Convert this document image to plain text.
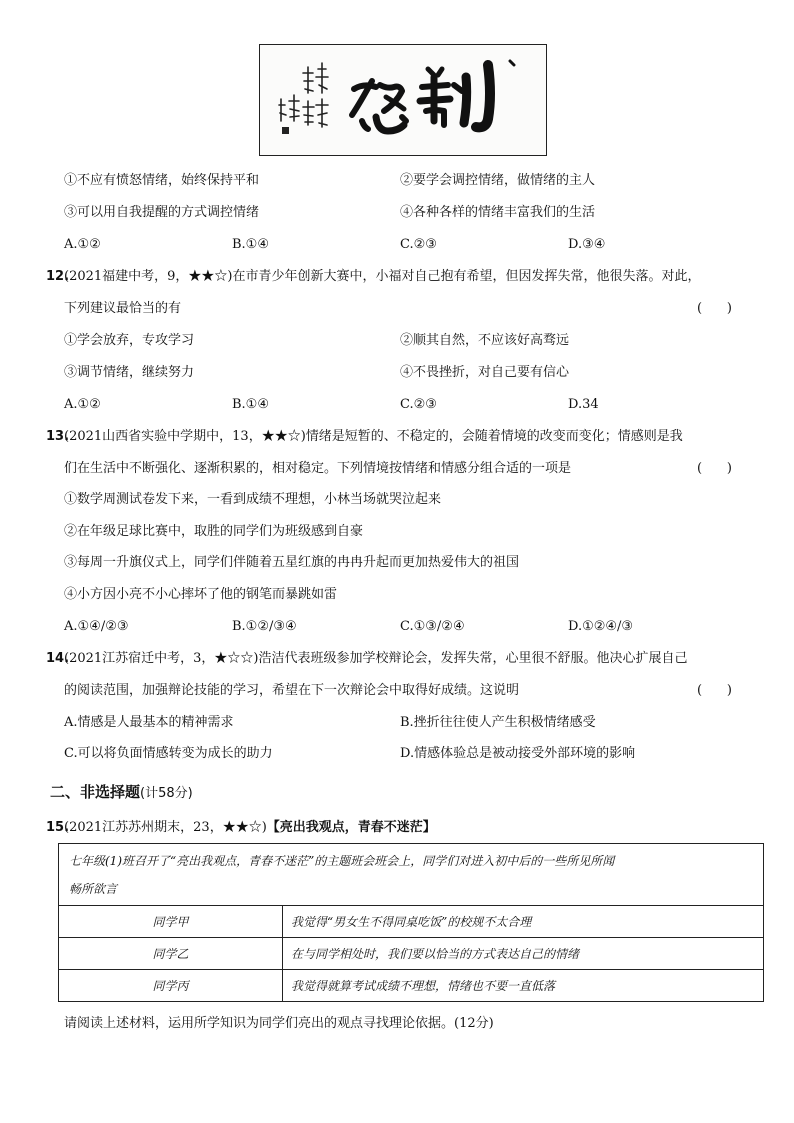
①不应有愤怒情绪，始终保持平和	②要学会调控情绪，做情绪的主人
③可以用自我提醒的方式调控情绪	④各种各样的情绪丰富我们的生活
A.①②	B.①④	C.②③	D.③④
12.
(2021福建中考，9，★★☆)在市青少年创新大赛中，小福对自己抱有希望，但因发挥失常，他很失落。对此，
下列建议最恰当的有	(      )
①学会放弃，专攻学习	②顺其自然，不应该好高骛远
③调节情绪，继续努力	④不畏挫折，对自己要有信心
A.①②	B.①④	C.②③	D.34
13.
(2021山西省实验中学期中，13，★★☆)情绪是短暂的、不稳定的，会随着情境的改变而变化；情感则是我
们在生活中不断强化、逐渐积累的，相对稳定。下列情境按情绪和情感分组合适的一项是	(      )
①数学周测试卷发下来，一看到成绩不理想，小林当场就哭泣起来
②在年级足球比赛中，取胜的同学们为班级感到自豪
③每周一升旗仪式上，同学们伴随着五星红旗的冉冉升起而更加热爱伟大的祖国
④小方因小亮不小心摔坏了他的钢笔而暴跳如雷
A.①④/②③	B.①②/③④	C.①③/②④	D.①②④/③
14.
(2021江苏宿迁中考，3，★☆☆)浩洁代表班级参加学校辩论会，发挥失常，心里很不舒服。他决心扩展自己
的阅读范围，加强辩论技能的学习，希望在下一次辩论会中取得好成绩。这说明	(      )
A.情感是人最基本的精神需求	B.挫折往往使人产生积极情绪感受
C.可以将负面情感转变为成长的助力	D.情感体验总是被动接受外部环境的影响
二、非选择题(计58分)
15.
(2021江苏苏州期末，23，★★☆)【亮出我观点，青春不迷茫】
七年级(1)班召开了“亮出我观点，青春不迷茫”的主题班会班会上，同学们对进入初中后的一些所见所闻
畅所欲言	
同学甲	我觉得“男女生不得同桌吃饭”的校规不太合理
同学乙	在与同学相处时，我们要以恰当的方式表达自己的情绪
同学丙	我觉得就算考试成绩不理想，情绪也不要一直低落
请阅读上述材料，运用所学知识为同学们亮出的观点寻找理论依据。(12分)
